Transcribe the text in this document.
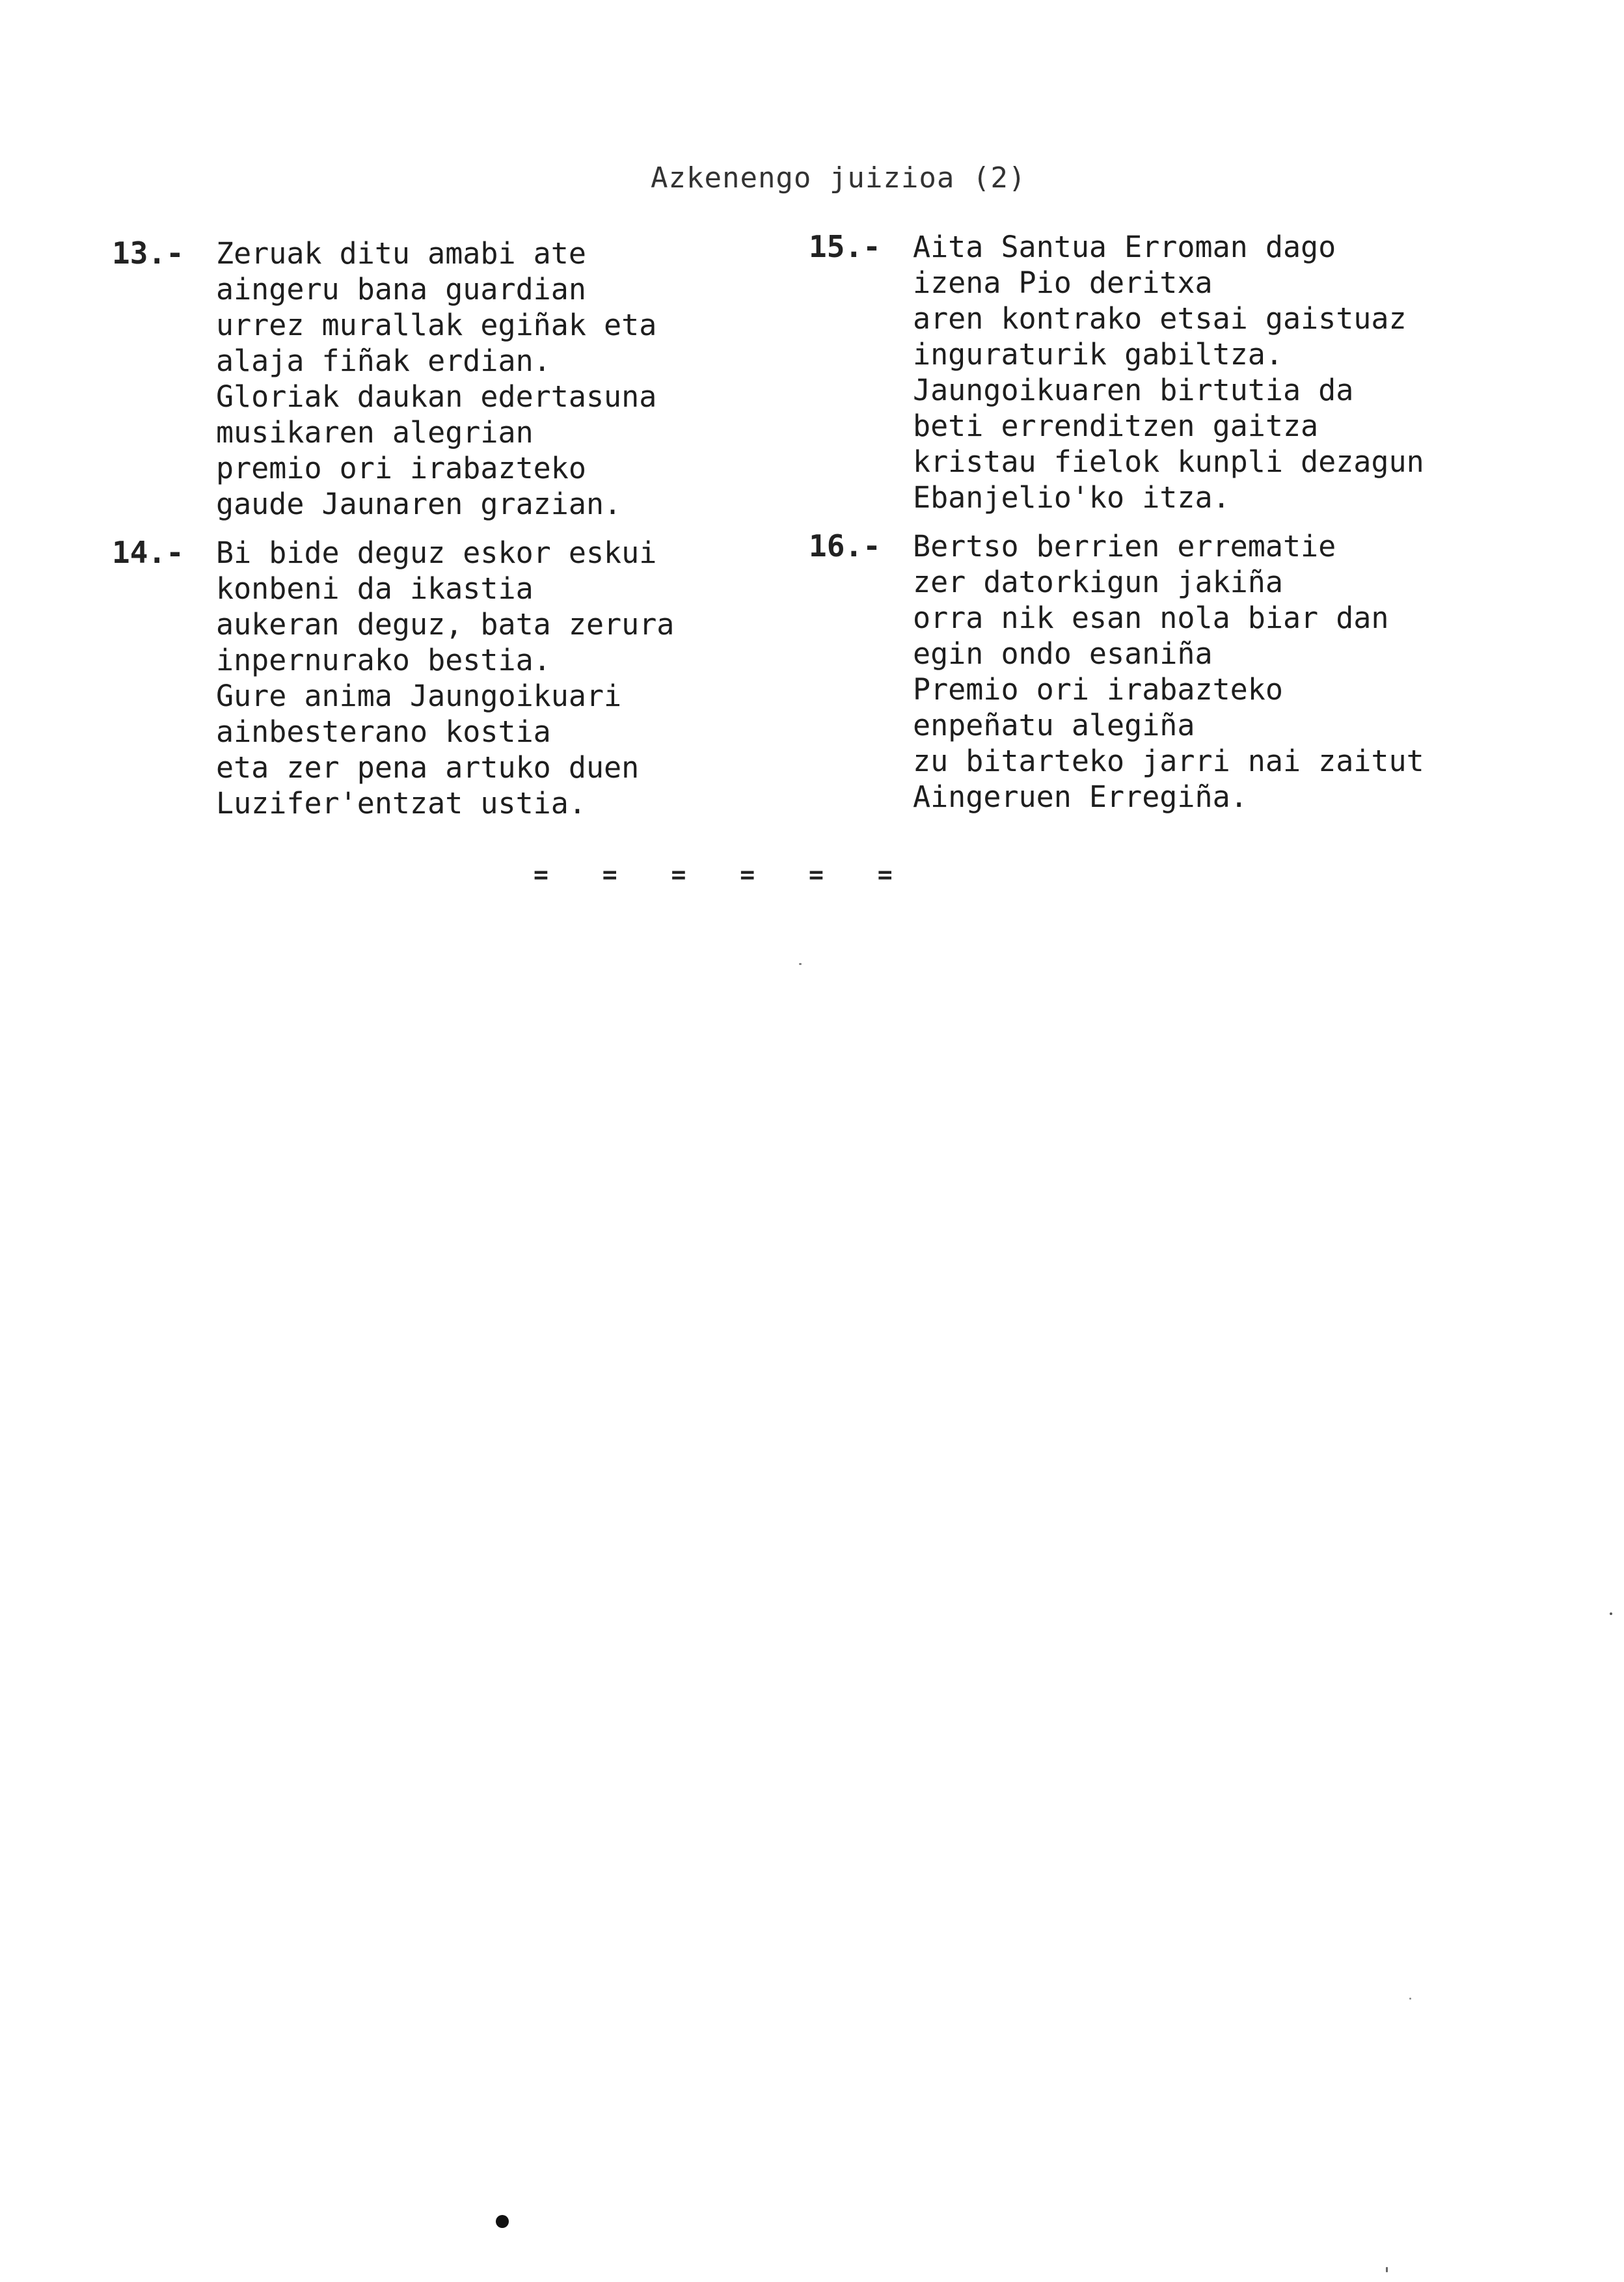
Azkenengo juizioa (2)
13.- Zeruak ditu amabi ate
aingeru bana guardian
urrez murallak egiñak eta
alaja fiñak erdian.
Gloriak daukan edertasuna
musikaren alegrian
premio ori irabazteko
gaude Jaunaren grazian.
14.- Bi bide deguz eskor eskui
konbeni da ikastia
aukeran deguz, bata zerura
inpernurako bestia.
Gure anima Jaungoikuari
ainbesterano kostia
eta zer pena artuko duen
Luzifer'entzat ustia.
15.- Aita Santua Erroman dago
izena Pio deritxa
aren kontrako etsai gaistuaz
inguraturik gabiltza.
Jaungoikuaren birtutia da
beti errenditzen gaitza
kristau fielok kunpli dezagun
Ebanjelio'ko itza.
16.- Bertso berrien errematie
zer datorkigun jakiña
orra nik esan nola biar dan
egin ondo esaniña
Premio ori irabazteko
enpeñatu alegiña
zu bitarteko jarri nai zaitut
Aingeruen Erregiña.
= = = = = =
